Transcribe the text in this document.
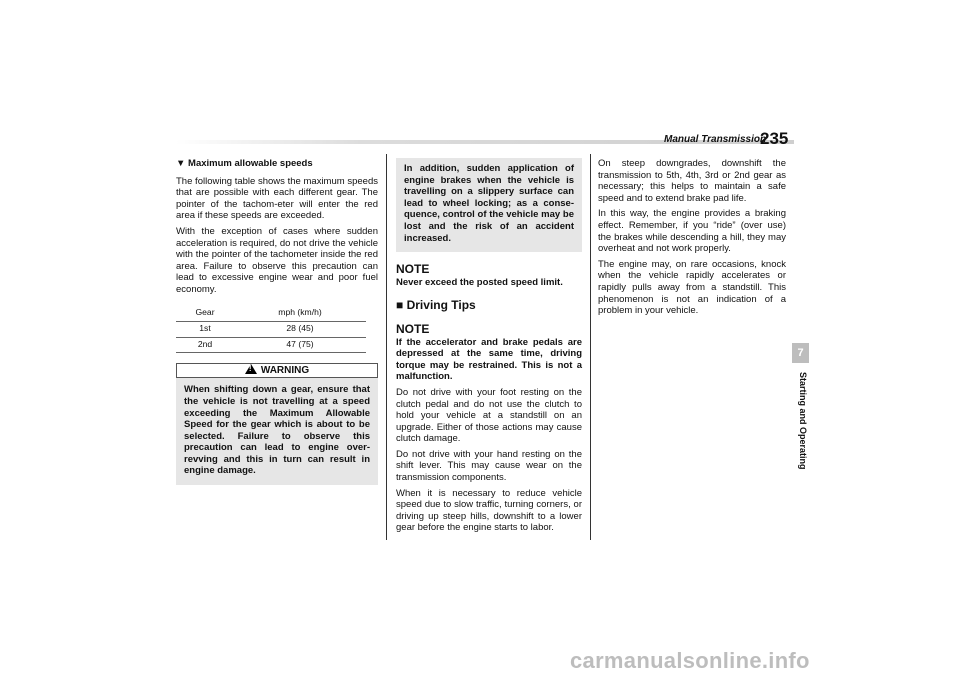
Manual Transmission
235
▼ Maximum allowable speeds

The following table shows the maximum speeds that are possible with each different gear. The pointer of the tachom-eter will enter the red area if these speeds are exceeded.

With the exception of cases where sudden acceleration is required, do not drive the vehicle with the pointer of the tachometer inside the red area. Failure to observe this precaution can lead to excessive engine wear and poor fuel economy.

Gear	mph (km/h)
1st	28 (45)
2nd	47 (75)
!WARNING
When shifting down a gear, ensure that the vehicle is not travelling at a speed exceeding the Maximum Allowable Speed for the gear which is about to be selected. Failure to observe this precaution can lead to engine over-revving and this in turn can result in engine damage.
In addition, sudden application of engine brakes when the vehicle is travelling on a slippery surface can lead to wheel locking; as a conse-quence, control of the vehicle may be lost and the risk of an accident increased.
NOTE

Never exceed the posted speed limit.

■ Driving Tips
NOTE

If the accelerator and brake pedals are depressed at the same time, driving torque may be restrained. This is not a malfunction.

Do not drive with your foot resting on the clutch pedal and do not use the clutch to hold your vehicle at a standstill on an upgrade. Either of those actions may cause clutch damage.

Do not drive with your hand resting on the shift lever. This may cause wear on the transmission components.

When it is necessary to reduce vehicle speed due to slow traffic, turning corners, or driving up steep hills, downshift to a lower gear before the engine starts to labor.

On steep downgrades, downshift the transmission to 5th, 4th, 3rd or 2nd gear as necessary; this helps to maintain a safe speed and to extend brake pad life.

In this way, the engine provides a braking effect. Remember, if you “ride” (over use) the brakes while descending a hill, they may overheat and not work properly.

The engine may, on rare occasions, knock when the vehicle rapidly accelerates or rapidly pulls away from a standstill. This phenomenon is not an indication of a problem in your vehicle.

7
Starting and Operating
carmanualsonline.info
